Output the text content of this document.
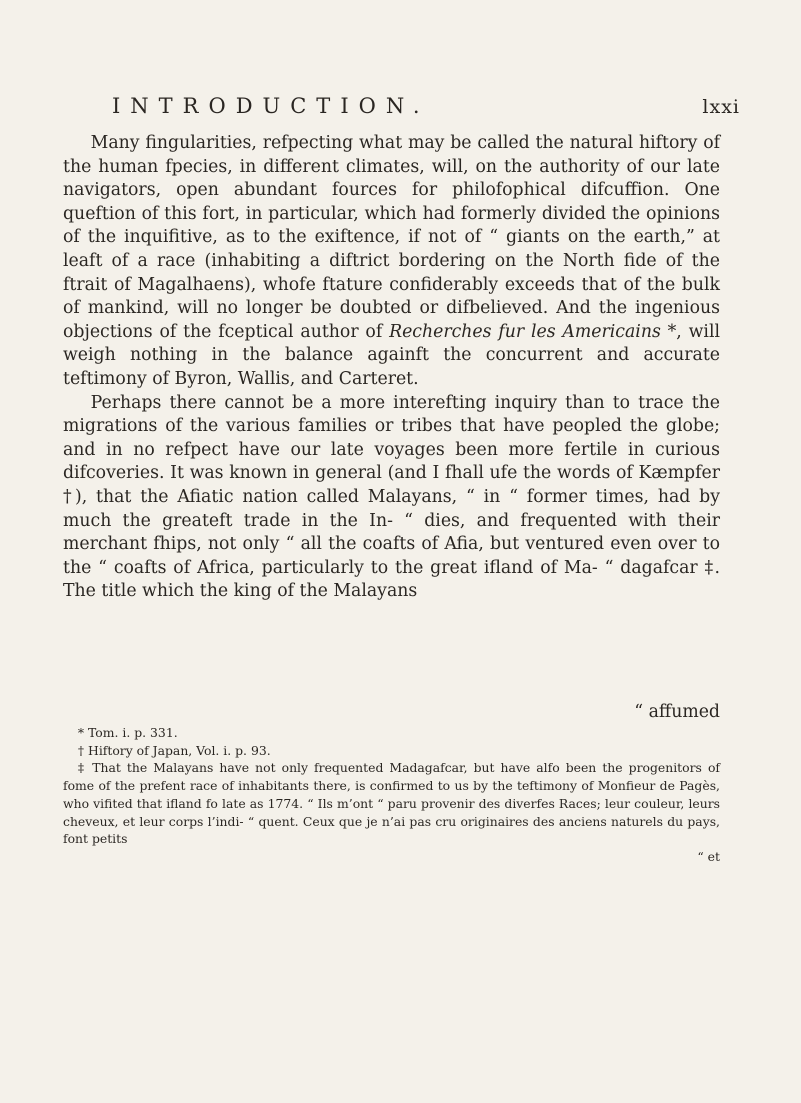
INTRODUCTION.	lxxi

Many fingularities, refpecting what may be called the natural hiftory of the human fpecies, in different climates, will, on the authority of our late navigators, open abundant fources for philofophical difcuffion. One queftion of this fort, in particular, which had formerly divided the opinions of the inquifitive, as to the exiftence, if not of “ giants on the earth,” at leaft of a race (inhabiting a diftrict bordering on the North fide of the ftrait of Magalhaens), whofe ftature confiderably exceeds that of the bulk of mankind, will no longer be doubted or difbelieved. And the ingenious objections of the fceptical author of Recherches fur les Americains *, will weigh nothing in the balance againft the concurrent and accurate teftimony of Byron, Wallis, and Carteret.

Perhaps there cannot be a more interefting inquiry than to trace the migrations of the various families or tribes that have peopled the globe; and in no refpect have our late voyages been more fertile in curious difcoveries. It was known in general (and I fhall ufe the words of Kæmpfer †), that the Afiatic nation called Malayans, “ in “ former times, had by much the greateft trade in the In- “ dies, and frequented with their merchant fhips, not only “ all the coafts of Afia, but ventured even over to the “ coafts of Africa, particularly to the great ifland of Ma- “ dagafcar ‡. The title which the king of the Malayans

“ affumed

* Tom. i. p. 331.

† Hiftory of Japan, Vol. i. p. 93.

‡ That the Malayans have not only frequented Madagafcar, but have alfo been the progenitors of fome of the prefent race of inhabitants there, is confirmed to us by the teftimony of Monfieur de Pagès, who vifited that ifland fo late as 1774. “ Ils m’ont “ paru provenir des diverfes Races; leur couleur, leurs cheveux, et leur corps l’indi- “ quent. Ceux que je n’ai pas cru originaires des anciens naturels du pays, font petits

“ et
